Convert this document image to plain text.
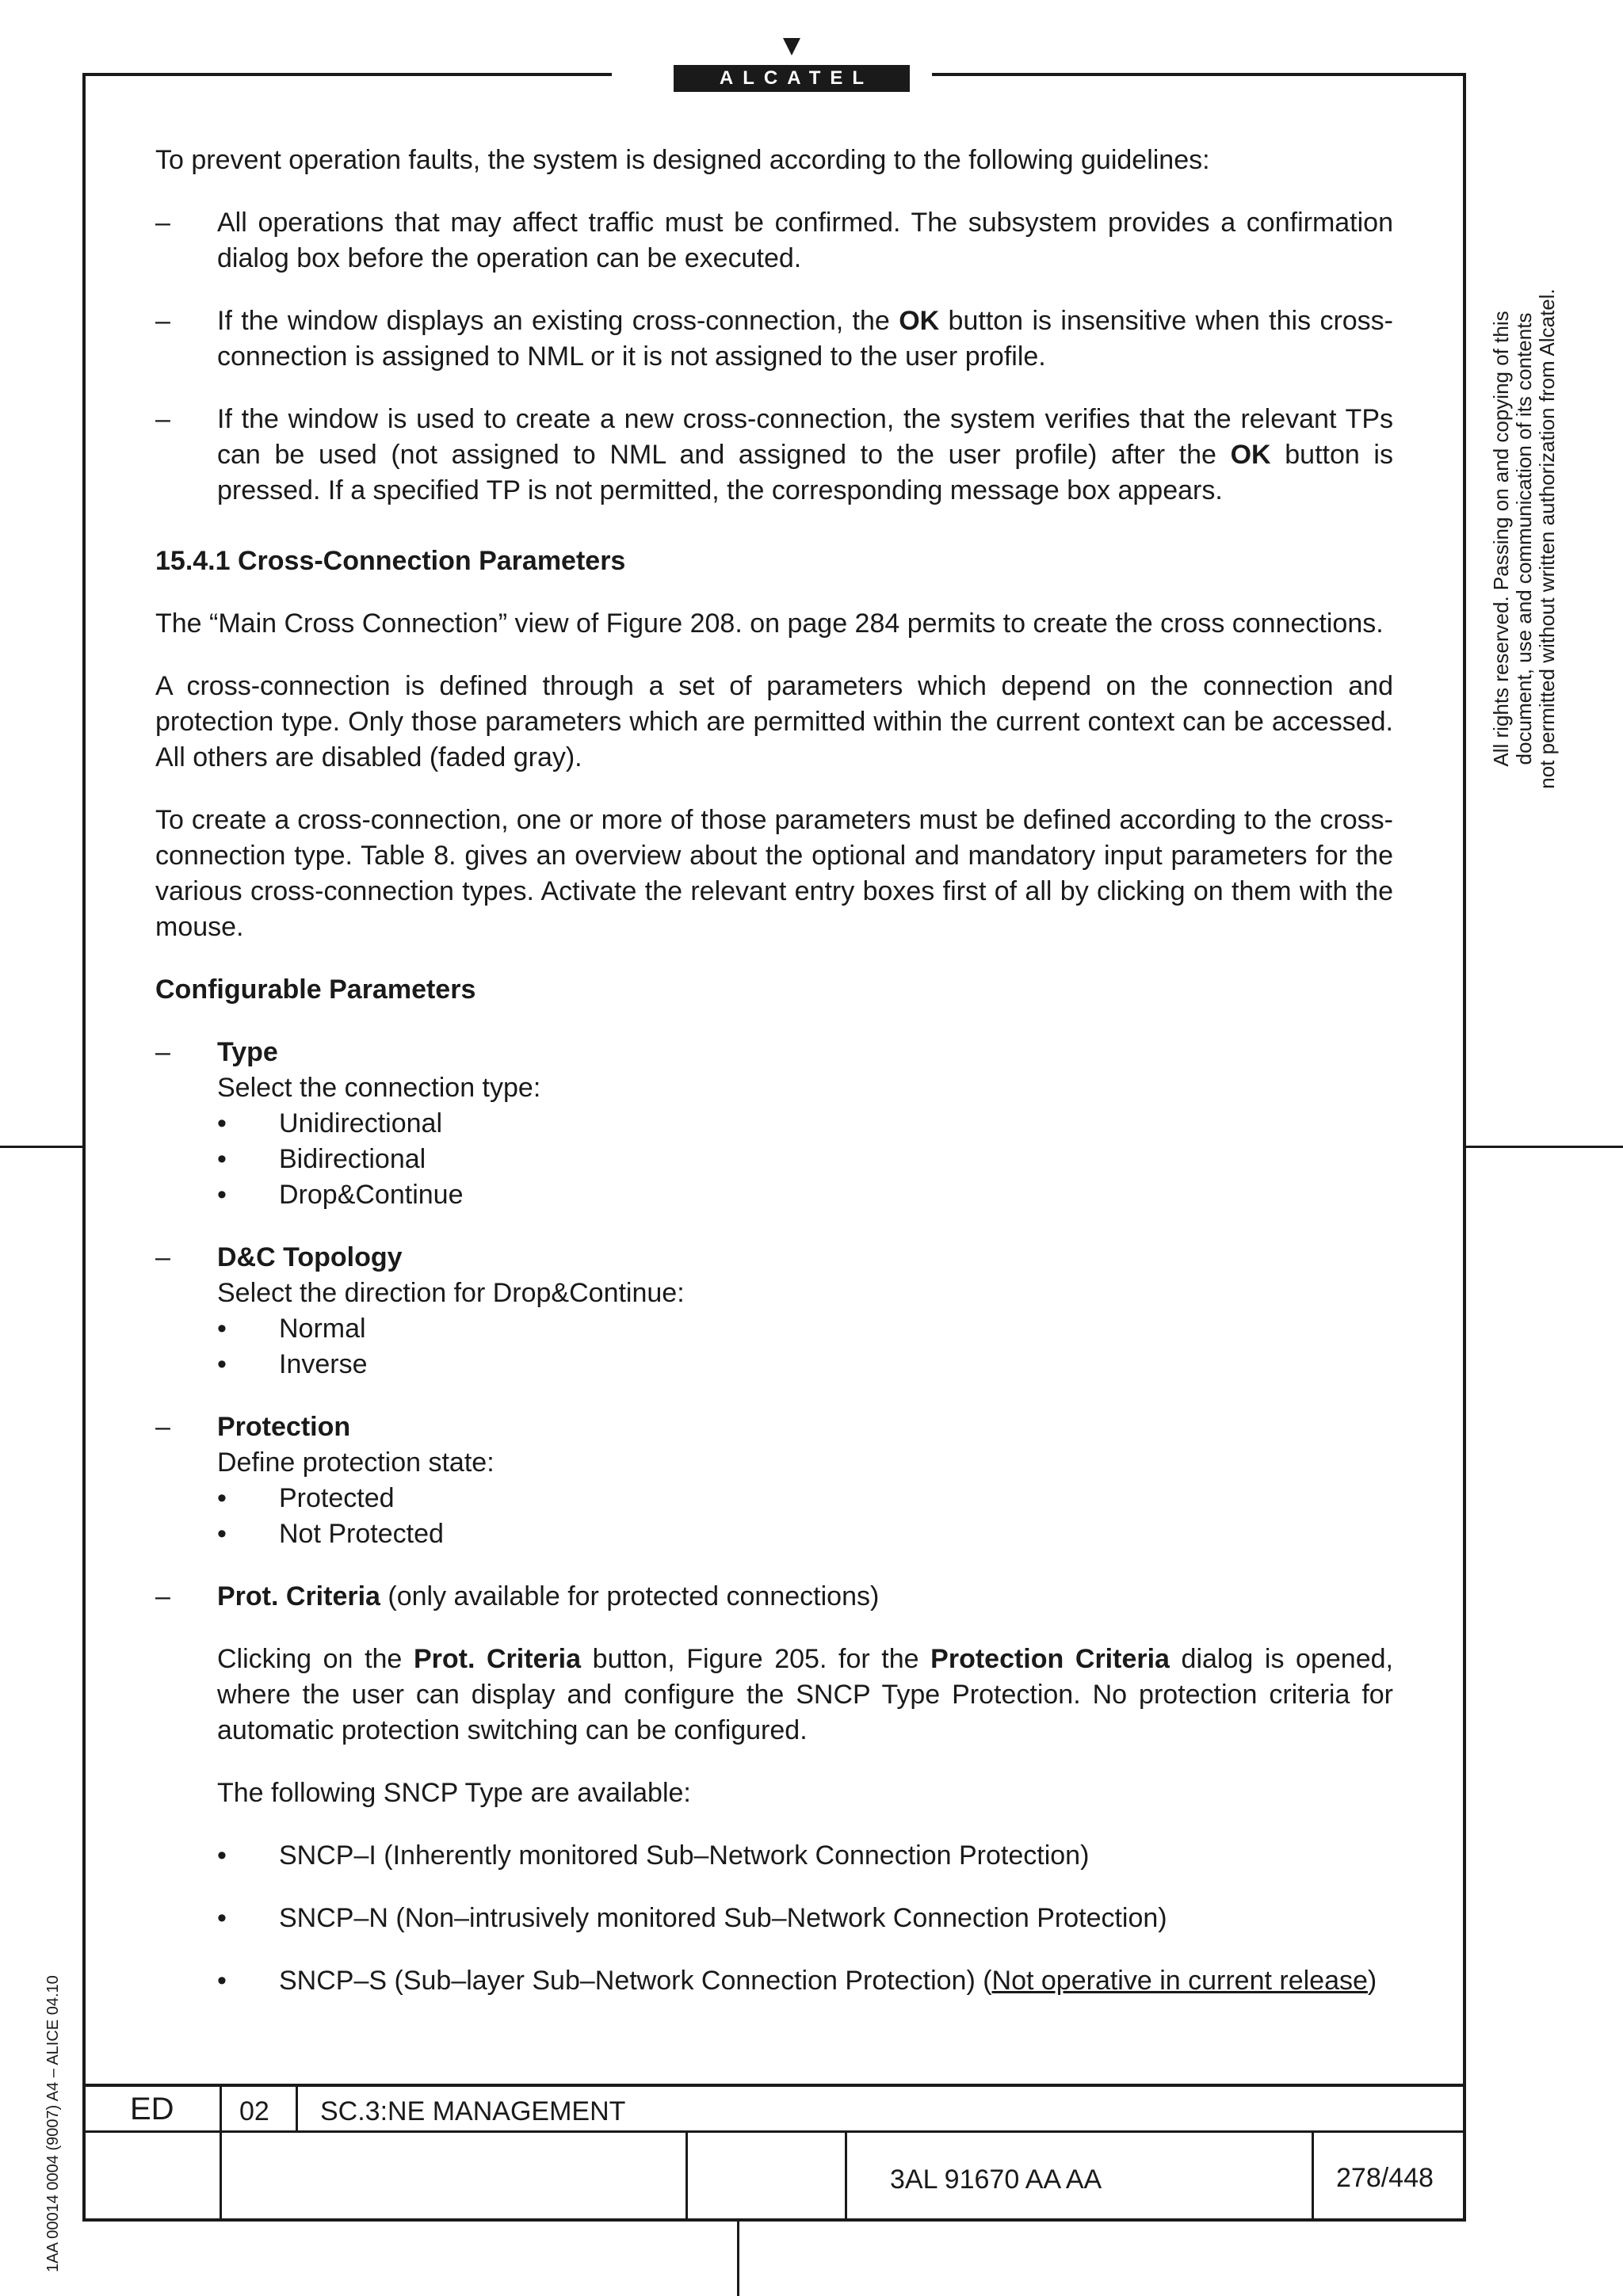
ALCATEL

To prevent operation faults, the system is designed according to the following guidelines:

– All operations that may affect traffic must be confirmed. The subsystem provides a confirmation dialog box before the operation can be executed.

– If the window displays an existing cross-connection, the OK button is insensitive when this cross-connection is assigned to NML or it is not assigned to the user profile.

– If the window is used to create a new cross-connection, the system verifies that the relevant TPs can be used (not assigned to NML and assigned to the user profile) after the OK button is pressed. If a specified TP is not permitted, the corresponding message box appears.

15.4.1 Cross-Connection Parameters

The “Main Cross Connection” view of Figure 208. on page 284 permits to create the cross connections.

A cross-connection is defined through a set of parameters which depend on the connection and protection type. Only those parameters which are permitted within the current context can be accessed. All others are disabled (faded gray).

To create a cross-connection, one or more of those parameters must be defined according to the cross-connection type. Table 8. gives an overview about the optional and mandatory input parameters for the various cross-connection types. Activate the relevant entry boxes first of all by clicking on them with the mouse.

Configurable Parameters

– Type

Select the connection type:

• Unidirectional
• Bidirectional
• Drop&Continue
– D&C Topology

Select the direction for Drop&Continue:

• Normal
• Inverse
– Protection

Define protection state:

• Protected
• Not Protected
– Prot. Criteria (only available for protected connections)

Clicking on the Prot. Criteria button, Figure 205. for the Protection Criteria dialog is opened, where the user can display and configure the SNCP Type Protection. No protection criteria for automatic protection switching can be configured.

The following SNCP Type are available:

• SNCP–I (Inherently monitored Sub–Network Connection Protection)
• SNCP–N (Non–intrusively monitored Sub–Network Connection Protection)
• SNCP–S (Sub–layer Sub–Network Connection Protection) (Not operative in current release)
All rights reserved. Passing on and copying of this document, use and communication of its contents not permitted without written authorization from Alcatel.
1AA 00014 0004 (9007) A4 – ALICE 04.10 ED 02 SC.3:NE MANAGEMENT
3AL 91670 AA AA	278/448
